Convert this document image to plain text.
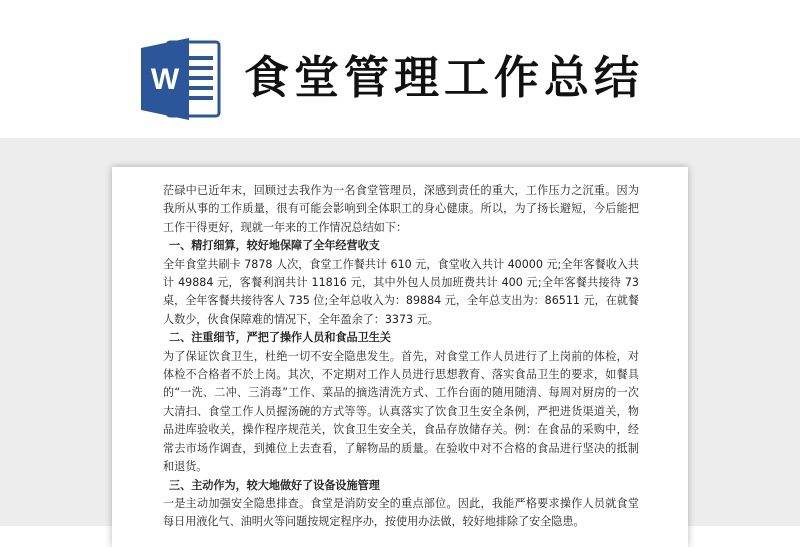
W 食堂管理工作总结

茫碌中已近年末，回顾过去我作为一名食堂管理员，深感到责任的重大，工作压力之沉重。因为我所从事的工作质量，很有可能会影响到全体职工的身心健康。所以，为了扬长避短，今后能把工作干得更好，现就一年来的工作情况总结如下：

一、精打细算，较好地保障了全年经营收支

全年食堂共刷卡 7878 人次，食堂工作餐共计 610 元，食堂收入共计 40000 元;全年客餐收入共计 49884 元，客餐利润共计 11816 元，其中外包人员加班费共计 400 元;全年客餐共接待 73 桌，全年客餐共接待客人 735 位;全年总收入为：89884 元，全年总支出为：86511 元，在就餐人数少，伙食保障难的情况下，全年盈余了：3373 元。

二、注重细节，严把了操作人员和食品卫生关

为了保证饮食卫生，杜绝一切不安全隐患发生。首先，对食堂工作人员进行了上岗前的体检，对体检不合格者不於上岗。其次，不定期对工作人员进行思想教育、落实食品卫生的要求，如餐具的“一洗、二冲、三消毒”工作、菜品的摘选清洗方式、工作台面的随用随清、每周对厨房的一次大清扫、食堂工作人员握汤碗的方式等等。认真落实了饮食卫生安全条例，严把进货渠道关，物品进库验收关，操作程序规范关，饮食卫生安全关，食品存放储存关。例：在食品的采购中，经常去市场作调查，到摊位上去查看，了解物品的质量。在验收中对不合格的食品进行坚决的抵制和退货。

三、主动作为，较大地做好了设备设施管理

一是主动加强安全隐患排查。食堂是消防安全的重点部位。因此，我能严格要求操作人员就食堂每日用液化气、油明火等问题按规定程序办，按使用办法做，较好地排除了安全隐患。
